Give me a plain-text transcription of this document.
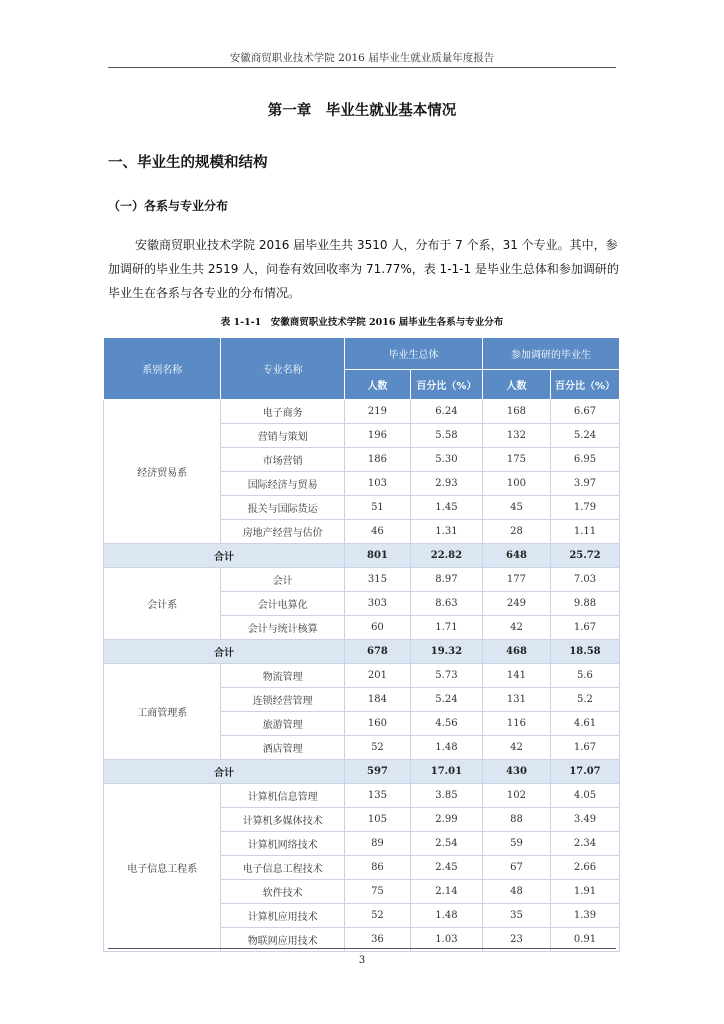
安徽商贸职业技术学院 2016 届毕业生就业质量年度报告
第一章　毕业生就业基本情况
一、毕业生的规模和结构
（一）各系与专业分布

安徽商贸职业技术学院 2016 届毕业生共 3510 人，分布于 7 个系，31 个专业。其中，参加调研的毕业生共 2519 人，问卷有效回收率为 71.77%，表 1-1-1 是毕业生总体和参加调研的毕业生在各系与各专业的分布情况。

表 1-1-1　安徽商贸职业技术学院 2016 届毕业生各系与专业分布
系别名称	专业名称	毕业生总体		参加调研的毕业生	
		人数	百分比（%）	人数	百分比（%）
经济贸易系	电子商务	219	6.24	168	6.67
	营销与策划	196	5.58	132	5.24
	市场营销	186	5.30	175	6.95
	国际经济与贸易	103	2.93	100	3.97
	报关与国际货运	51	1.45	45	1.79
	房地产经营与估价	46	1.31	28	1.11
合计		801	22.82	648	25.72
会计系	会计	315	8.97	177	7.03
	会计电算化	303	8.63	249	9.88
	会计与统计核算	60	1.71	42	1.67
合计		678	19.32	468	18.58
工商管理系	物流管理	201	5.73	141	5.6
	连锁经营管理	184	5.24	131	5.2
	旅游管理	160	4.56	116	4.61
	酒店管理	52	1.48	42	1.67
合计		597	17.01	430	17.07
电子信息工程系	计算机信息管理	135	3.85	102	4.05
	计算机多媒体技术	105	2.99	88	3.49
	计算机网络技术	89	2.54	59	2.34
	电子信息工程技术	86	2.45	67	2.66
	软件技术	75	2.14	48	1.91
	计算机应用技术	52	1.48	35	1.39
	物联网应用技术	36	1.03	23	0.91
3
